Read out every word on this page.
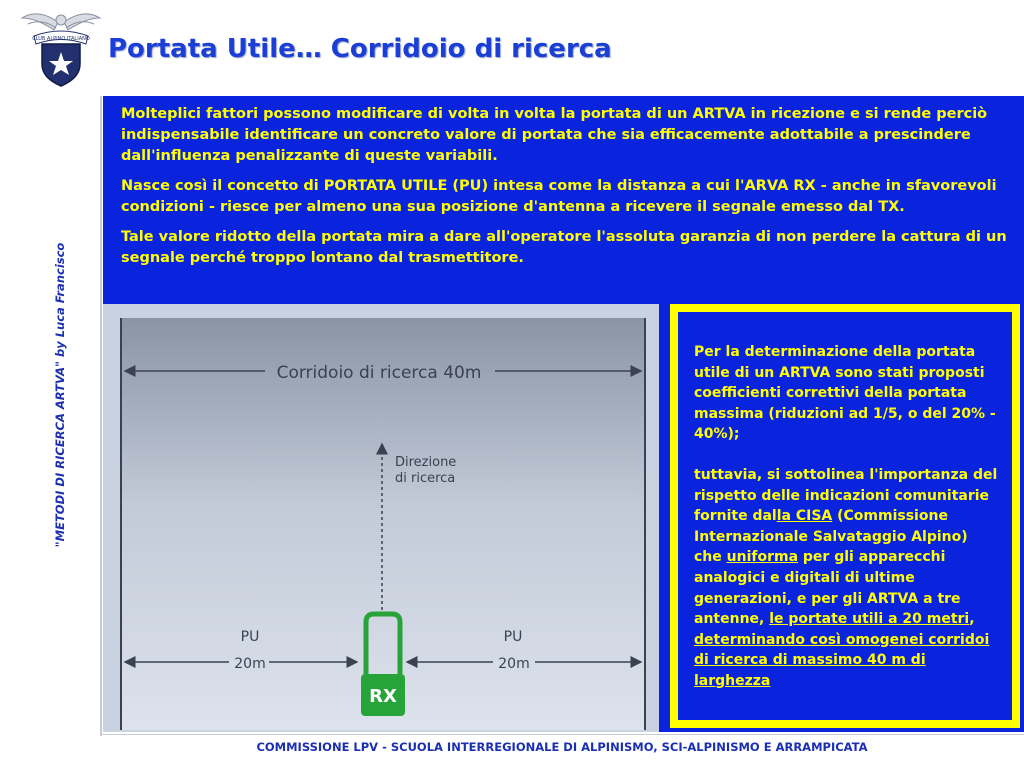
CLUB ALPINO ITALIANO Portata Utile… Corridoio di ricerca
"METODI DI RICERCA ARTVA" by Luca Francisco

Molteplici fattori possono modificare di volta in volta la portata di un ARTVA in ricezione e si rende perciò indispensabile identificare un concreto valore di portata che sia efficacemente adottabile a prescindere dall'influenza penalizzante di queste variabili.

Nasce così il concetto di PORTATA UTILE (PU) intesa come la distanza a cui l'ARVA RX - anche in sfavorevoli condizioni - riesce per almeno una sua posizione d'antenna a ricevere il segnale emesso dal TX.

Tale valore ridotto della portata mira a dare all'operatore l'assoluta garanzia di non perdere la cattura di un segnale perché troppo lontano dal trasmettitore.

Corridoio di ricerca 40m
Direzione
di ricerca
PU	PU
20m	20m
RX

Per la determinazione della portata utile di un ARTVA sono stati proposti coefficienti correttivi della portata massima (riduzioni ad 1/5, o del 20% - 40%);

tuttavia, si sottolinea l'importanza del rispetto delle indicazioni comunitarie fornite dalla CISA (Commissione Internazionale Salvataggio Alpino) che uniforma per gli apparecchi analogici e digitali di ultime generazioni, e per gli ARTVA a tre antenne, le portate utili a 20 metri, determinando così omogenei corridoi di ricerca di massimo 40 m di larghezza

COMMISSIONE LPV - SCUOLA INTERREGIONALE DI ALPINISMO, SCI-ALPINISMO E ARRAMPICATA
